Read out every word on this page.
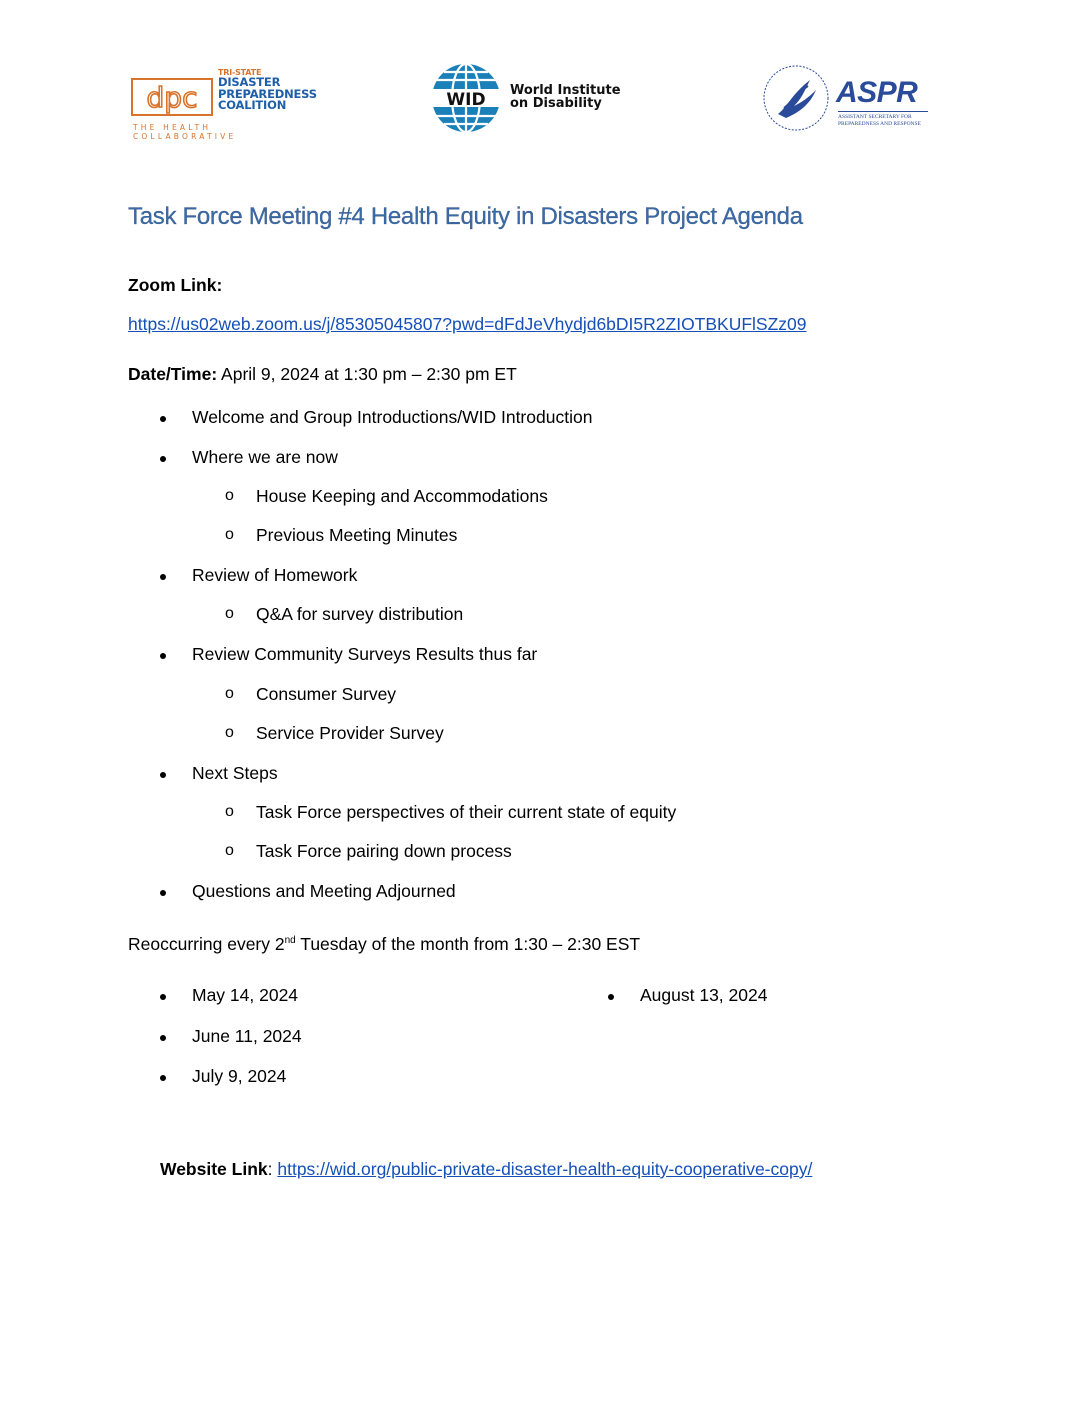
dpc
TRI-STATE
DISASTER
PREPAREDNESS
COALITION
THE HEALTH COLLABORATIVE
WID World Institute
on Disability	ASPR
ASSISTANT SECRETARY FOR PREPAREDNESS AND RESPONSE
Task Force Meeting #4 Health Equity in Disasters Project Agenda
Zoom Link:
https://us02web.zoom.us/j/85305045807?pwd=dFdJeVhydjd6bDI5R2ZIOTBKUFlSZz09
Date/Time: April 9, 2024 at 1:30 pm – 2:30 pm ET
Welcome and Group Introductions/WID Introduction
Where we are now
o House Keeping and Accommodations
o Previous Meeting Minutes
Review of Homework
o Q&A for survey distribution
Review Community Surveys Results thus far
o Consumer Survey
o Service Provider Survey
Next Steps
o Task Force perspectives of their current state of equity
o Task Force pairing down process
Questions and Meeting Adjourned
Reoccurring every 2nd Tuesday of the month from 1:30 – 2:30 EST
May 14, 2024
June 11, 2024
July 9, 2024
August 13, 2024
Website Link: https://wid.org/public-private-disaster-health-equity-cooperative-copy/
